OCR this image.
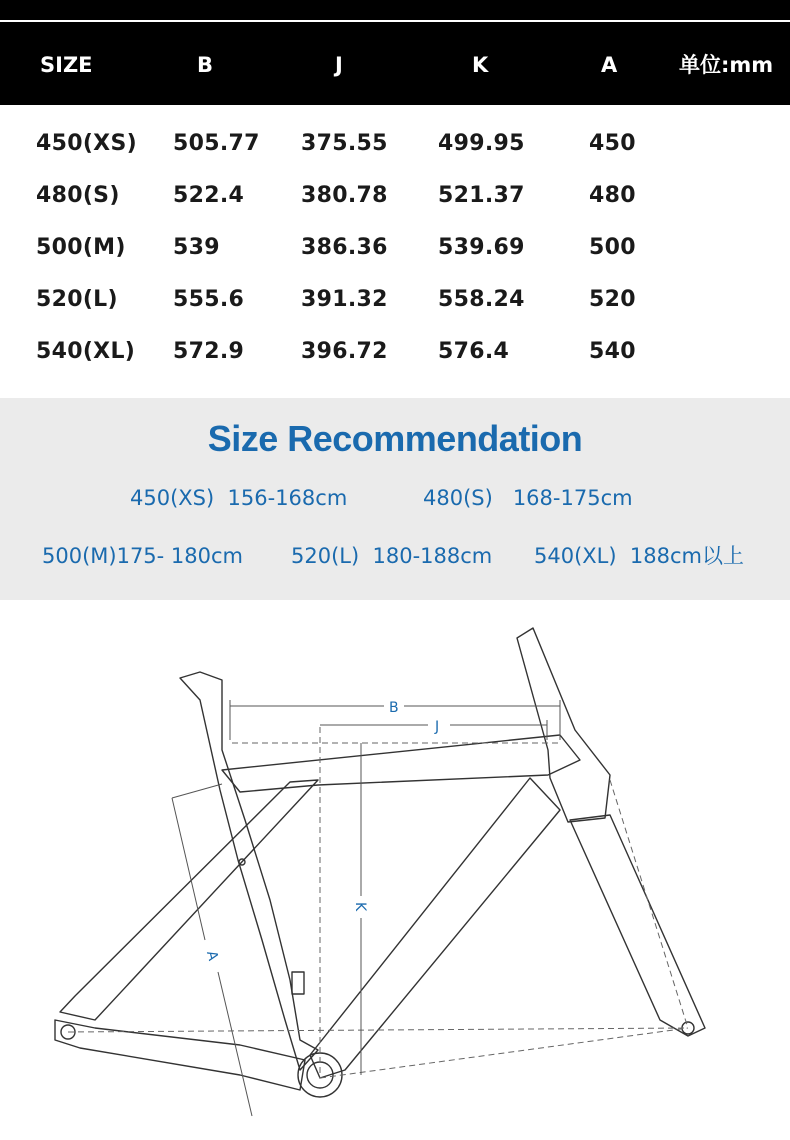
SIZE	B	J	K	A	单位:mm
450(XS) 505.77 375.55 499.95	450
480(S) 522.4	380.78 521.37	480
500(M) 539	386.36 539.69	500
520(L)	555.6	391.32 558.24	520
540(XL) 572.9	396.72 576.4	540
Size Recommendation
450(XS)  156-168cm	480(S)   168-175cm
500(M)175- 180cm 520(L)  180-188cm 540(XL)  188cm以上
B
J
K
A
